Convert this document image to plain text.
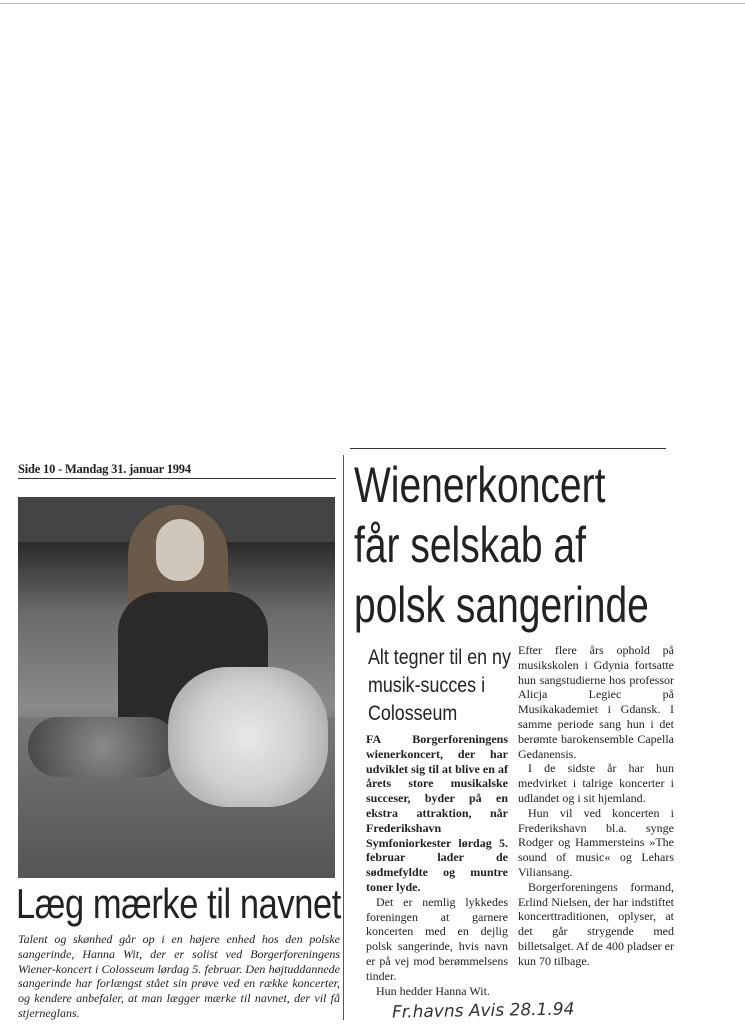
Side 10 - Mandag 31. januar 1994
Læg mærke til navnet
Talent og skønhed går op i en højere enhed hos den polske sangerinde, Hanna Wit, der er solist ved Borgerforeningens Wiener-koncert i Colosseum lørdag 5. februar. Den højtuddannede sangerinde har forlængst stået sin prøve ved en række koncerter, og kendere anbefaler, at man lægger mærke til navnet, der vil få stjerneglans.
Wienerkoncert
får selskab af
polsk sangerinde
Alt tegner til en ny
musik-succes i
Colosseum

FA Borgerforeningens wienerkoncert, der har udviklet sig til at blive en af årets store musikalske succeser, byder på en ekstra attraktion, når Frederikshavn Symfoniorkester lørdag 5. februar lader de sødmefyldte og muntre toner lyde.

Det er nemlig lykkedes foreningen at garnere koncerten med en dejlig polsk sangerinde, hvis navn er på vej mod berømmelsens tinder.

Hun hedder Hanna Wit.

Efter flere års ophold på musikskolen i Gdynia fortsatte hun sangstudierne hos professor Alicja Legiec på Musikakademiet i Gdansk. I samme periode sang hun i det berømte barokensemble Capella Gedanensis.

I de sidste år har hun medvirket i talrige koncerter i udlandet og i sit hjemland.

Hun vil ved koncerten i Frederikshavn bl.a. synge Rodger og Hammersteins »The sound of music« og Lehars Viliansang.

Borgerforeningens formand, Erlind Nielsen, der har indstiftet koncerttraditionen, oplyser, at det går strygende med billetsalget. Af de 400 pladser er kun 70 tilbage.

Fr.havns Avis 28.1.94
